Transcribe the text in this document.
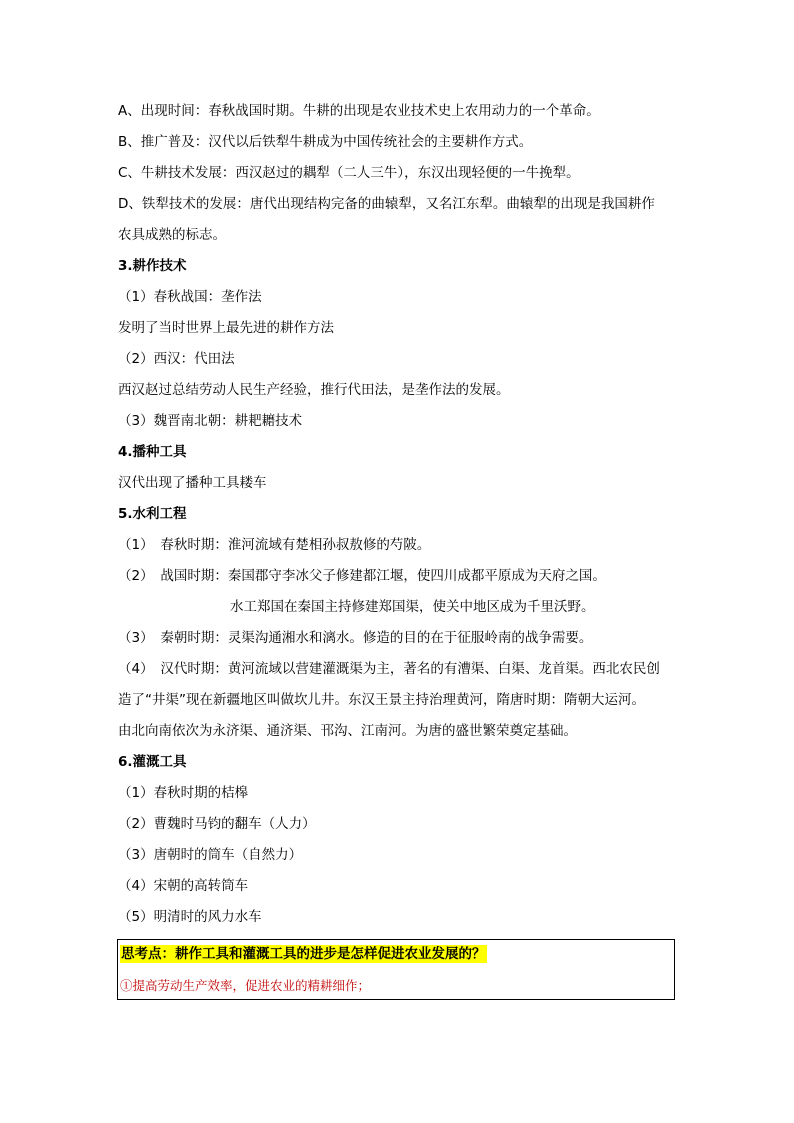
A、出现时间：春秋战国时期。牛耕的出现是农业技术史上农用动力的一个革命。
B、推广普及：汉代以后铁犁牛耕成为中国传统社会的主要耕作方式。
C、牛耕技术发展：西汉赵过的耦犁（二人三牛），东汉出现轻便的一牛挽犁。
D、铁犁技术的发展：唐代出现结构完备的曲辕犁，又名江东犁。曲辕犁的出现是我国耕作
农具成熟的标志。
3.耕作技术
（1）春秋战国：垄作法
发明了当时世界上最先进的耕作方法
（2）西汉：代田法
西汉赵过总结劳动人民生产经验，推行代田法，是垄作法的发展。
（3）魏晋南北朝：耕耙耱技术
4.播种工具
汉代出现了播种工具耧车
5.水利工程
（1）　春秋时期：淮河流域有楚相孙叔敖修的芍陂。
（2）　战国时期：秦国郡守李冰父子修建都江堰，使四川成都平原成为天府之国。
水工郑国在秦国主持修建郑国渠，使关中地区成为千里沃野。
（3）　秦朝时期：灵渠沟通湘水和漓水。修造的目的在于征服岭南的战争需要。
（4）　汉代时期：黄河流域以营建灌溉渠为主，著名的有漕渠、白渠、龙首渠。西北农民创
造了“井渠”现在新疆地区叫做坎儿井。东汉王景主持治理黄河，隋唐时期：隋朝大运河。
由北向南依次为永济渠、通济渠、邗沟、江南河。为唐的盛世繁荣奠定基础。
6.灌溉工具
（1）春秋时期的桔槔
（2）曹魏时马钧的翻车（人力）
（3）唐朝时的筒车（自然力）
（4）宋朝的高转筒车
（5）明清时的风力水车
思考点：耕作工具和灌溉工具的进步是怎样促进农业发展的？
①提高劳动生产效率，促进农业的精耕细作；
